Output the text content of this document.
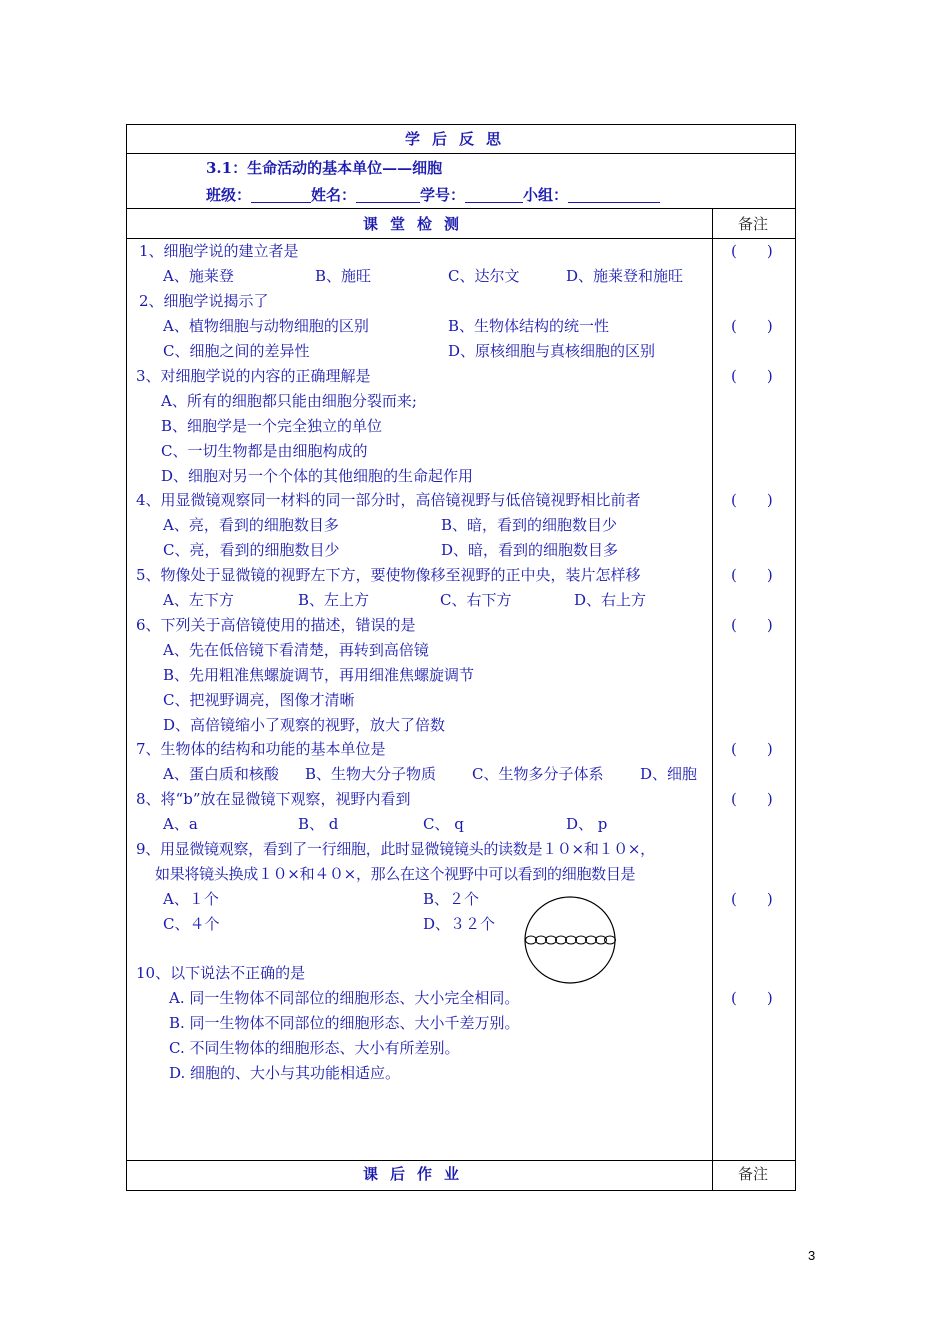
学后反思
3.1：生命活动的基本单位——细胞
班级：	姓名：	学号：	小组：
课堂检测	备注
1、细胞学说的建立者是
A、施莱登	B、施旺	C、达尔文	D、施莱登和施旺
(　　)
2、细胞学说揭示了
A、植物细胞与动物细胞的区别	B、生物体结构的统一性
C、细胞之间的差异性	D、原核细胞与真核细胞的区别
(　　)
3、对细胞学说的内容的正确理解是
A、所有的细胞都只能由细胞分裂而来;
B、细胞学是一个完全独立的单位
C、一切生物都是由细胞构成的
D、细胞对另一个个体的其他细胞的生命起作用
(　　)
4、用显微镜观察同一材料的同一部分时，高倍镜视野与低倍镜视野相比前者
A、亮，看到的细胞数目多	B、暗，看到的细胞数目少
C、亮，看到的细胞数目少	D、暗，看到的细胞数目多
(　　)
5、物像处于显微镜的视野左下方，要使物像移至视野的正中央，装片怎样移
A、左下方	B、左上方	C、右下方	D、右上方
(　　)
6、下列关于高倍镜使用的描述，错误的是
A、先在低倍镜下看清楚，再转到高倍镜
B、先用粗准焦螺旋调节，再用细准焦螺旋调节
C、把视野调亮，图像才清晰
D、高倍镜缩小了观察的视野，放大了倍数
(　　)
7、生物体的结构和功能的基本单位是
A、蛋白质和核酸 B、生物大分子物质 C、生物多分子体系 D、细胞
(　　)
8、将“b”放在显微镜下观察，视野内看到
A、a	B、 d	C、 q	D、 p
(　　)
9、用显微镜观察，看到了一行细胞，此时显微镜镜头的读数是１０×和１０×，
如果将镜头换成１０×和４０×，那么在这个视野中可以看到的细胞数目是
A、１个	B、２个
C、４个	D、３２个
(　　)
10、以下说法不正确的是
A. 同一生物体不同部位的细胞形态、大小完全相同。
B. 同一生物体不同部位的细胞形态、大小千差万别。
C. 不同生物体的细胞形态、大小有所差别。
D. 细胞的、大小与其功能相适应。
(　　)
课后作业	备注
3
